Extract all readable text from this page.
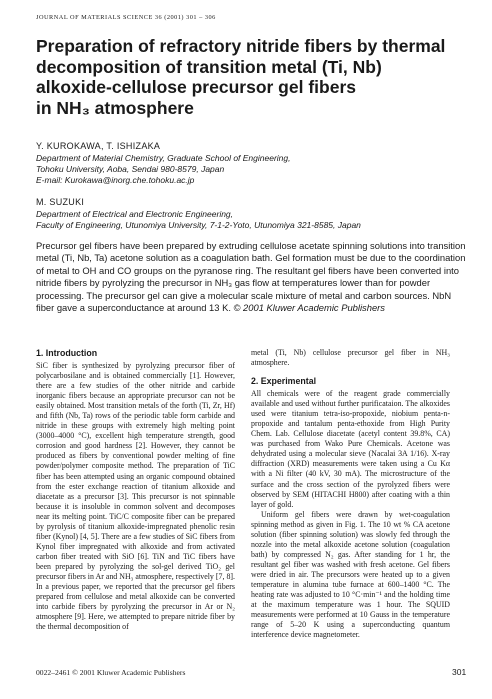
JOURNAL OF MATERIALS SCIENCE 36 (2001) 301 – 306
Preparation of refractory nitride fibers by thermal
decomposition of transition metal (Ti, Nb)
alkoxide-cellulose precursor gel fibers
in NH₃ atmosphere
Y. KUROKAWA, T. ISHIZAKA
Department of Material Chemistry, Graduate School of Engineering,
Tohoku University, Aoba, Sendai 980-8579, Japan
E-mail: Kurokawa@inorg.che.tohoku.ac.jp
M. SUZUKI
Department of Electrical and Electronic Engineering,
Faculty of Engineering, Utunomiya University, 7-1-2-Yoto, Utunomiya 321-8585, Japan
Precursor gel fibers have been prepared by extruding cellulose acetate spinning solutions into transition metal (Ti, Nb, Ta) acetone solution as a coagulation bath. Gel formation must be due to the coordination of metal to OH and CO groups on the pyranose ring. The resultant gel fibers have been converted into nitride fibers by pyrolyzing the precursor in NH₃ gas flow at temperatures lower than for powder processing. The precursor gel can give a molecular scale mixture of metal and carbon sources. NbN fiber gave a superconductance at around 13 K. © 2001 Kluwer Academic Publishers
1. Introduction

SiC fiber is synthesized by pyrolyzing precursor fiber of polycarbosilane and is obtained commercially [1]. However, there are a few studies of the other nitride and carbide inorganic fibers because an appropriate precursor can not be easily obtained. Most transition metals of the forth (Ti, Zr, Hf) and fifth (Nb, Ta) rows of the periodic table form carbide and nitride in these groups with extremely high melting point (3000–4000 °C), excellent high temperature strength, good corrosion and good hardness [2]. However, they cannot be produced as fibers by conventional powder melting of fine powder/polymer composite method. The preparation of TiC fiber has been attempted using an organic compound obtained from the ester exchange reaction of titanium alkoxide and diacetate as a precursor [3]. This precursor is not spinnable because it is insoluble in common solvent and decomposes near its melting point. TiC/C composite fiber can be prepared by pyrolysis of titanium alkoxide-impregnated phenolic resin fiber (Kynol) [4, 5]. There are a few studies of SiC fibers from Kynol fiber impregnated with alkoxide and from activated carbon fiber treated with SiO [6]. TiN and TiC fibers have been prepared by pyrolyzing the sol-gel derived TiO₂ gel precursor fibers in Ar and NH₃ atmosphere, respectively [7, 8]. In a previous paper, we reported that the precursor gel fibers prepared from cellulose and metal alkoxide can be converted into carbide fibers by pyrolyzing the precursor in Ar or N₂ atmosphere [9]. Here, we attempted to prepare nitride fiber by the thermal decomposition of

metal (Ti, Nb) cellulose precursor gel fiber in NH₃ atmosphere.

2. Experimental

All chemicals were of the reagent grade commercially available and used without further purificataion. The alkoxides used were titanium tetra-iso-propoxide, niobium penta-n-propoxide and tantalum penta-ethoxide from High Purity Chem. Lab. Cellulose diacetate (acetyl content 39.8%, CA) was purchased from Wako Pure Chemicals. Acetone was dehydrated using a molecular sieve (Nacalai 3A 1/16). X-ray diffraction (XRD) measurements were taken using a Cu Kα with a Ni filter (40 kV, 30 mA). The microstructure of the surface and the cross section of the pyrolyzed fibers were observed by SEM (HITACHI H800) after coating with a thin layer of gold.

Uniform gel fibers were drawn by wet-coagulation spinning method as given in Fig. 1. The 10 wt % CA acetone solution (fiber spinning solution) was slowly fed through the nozzle into the metal alkoxide acetone solution (coagulation bath) by compressed N₂ gas. After standing for 1 hr, the resultant gel fiber was washed with fresh acetone. Gel fibers were dried in air. The precursors were heated up to a given temperature in alumina tube furnace at 600–1400 °C. The heating rate was adjusted to 10 °C·min⁻¹ and the holding time at the maximum temperature was 1 hour. The SQUID measurements were performed at 10 Gauss in the temperature range of 5–20 K using a superconducting quantum interference device magnetometer.

0022–2461 © 2001 Kluwer Academic Publishers	301
